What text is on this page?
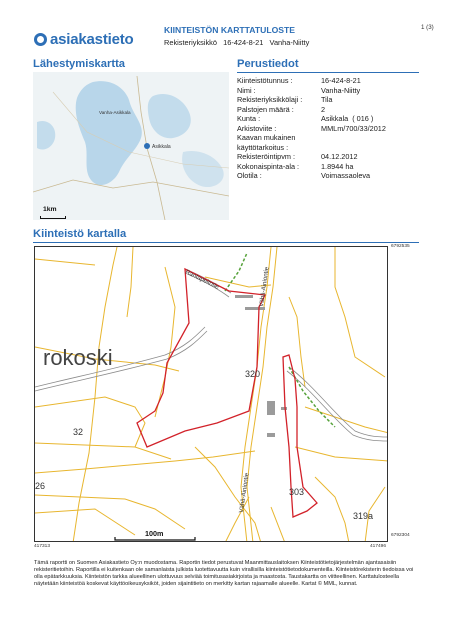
asiakastieto
KIINTEISTÖN KARTTATULOSTE
Rekisteriyksikkö   16-424-8-21   Vanha-Niitty
1 (3)
Lähestymiskartta
Asikkala
Vanha-Asikkala
1km
Perustiedot
Kiinteistötunnus :	16-424-8-21
Nimi :	Vanha-Niitty
Rekisteriyksikkölaji :	Tila
Palstojen määrä :	2
Kunta :	Asikkala  ( 016 )
Arkistoviite :	MMLm/700/33/2012
Kaavan mukainen
käyttötarkoitus :
Rekisteröintipvm :	04.12.2012
Kokonaispinta-ala :	1.8944 ha
Olotila :	Voimassaoleva
Kiinteistö kartalla
rokoski
Rantapeltotie	Vähä-Ainiontie
Vähä-Ainiontie
320
32
26
303
319a
100m
6792535
6792304
417313	417496
Tämä raportti on Suomen Asiakastieto Oy:n muodostama. Raportin tiedot perustuvat Maanmittauslaitoksen Kiinteistötietojärjestelmän ajantasaisiin rekisteritietoihin. Raportilla ei kuitenkaan ole samanlaista julkista luotettavuutta kuin virallisilla kiinteistötietodokumenteilla. Kiinteistörekisterin tiedoissa voi olla epätarkkuuksia. Kiinteistön tarkka alueellinen ulottuvuus selviää toimitusasiakirjoista ja maastosta. Taustakartta on viitteellinen. Karttatulosteella näytetään kiinteistöä koskevat käyttöoikeusyksiköt, joiden sijaintitieto on merkitty kartan rajaamalle alueelle. Kartat © MML, kunnat.
